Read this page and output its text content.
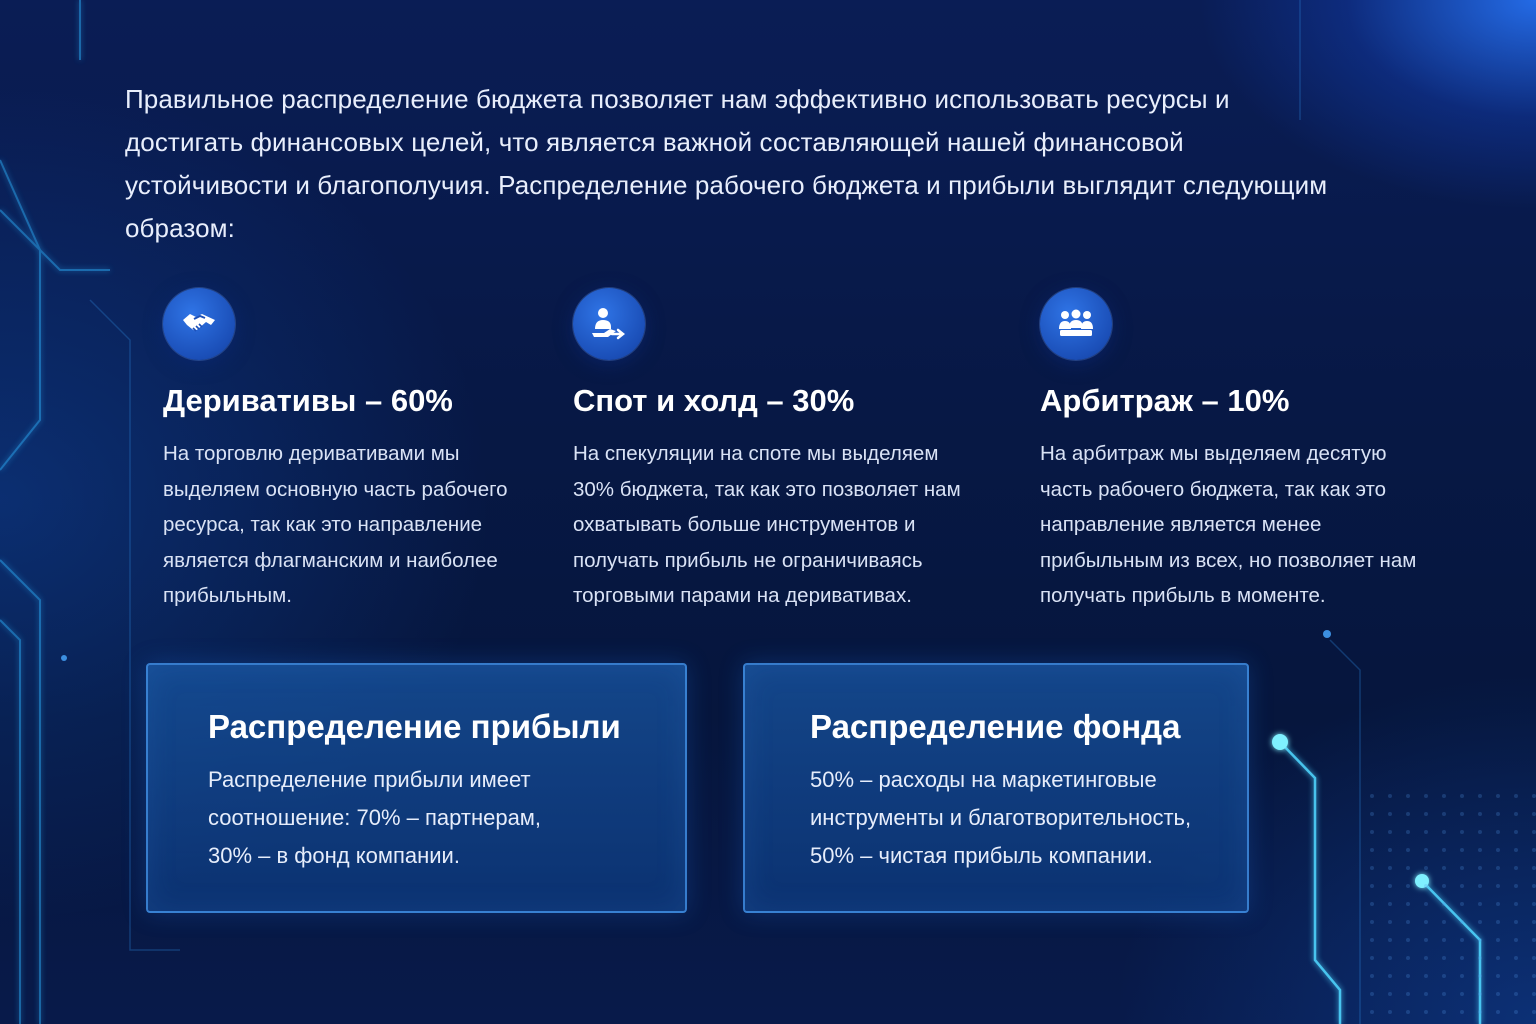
Правильное распределение бюджета позволяет нам эффективно использовать ресурсы и достигать финансовых целей, что является важной составляющей нашей финансовой устойчивости и благополучия. Распределение рабочего бюджета и прибыли выглядит следующим образом:

Деривативы – 60%

На торговлю деривативами мы выделяем основную часть рабочего ресурса, так как это направление является флагманским и наиболее прибыльным.

Спот и холд – 30%

На спекуляции на споте мы выделяем 30% бюджета, так как это позволяет нам охватывать больше инструментов и получать прибыль не ограничиваясь торговыми парами на деривативах.

Арбитраж – 10%

На арбитраж мы выделяем десятую часть рабочего бюджета, так как это направление является менее прибыльным из всех, но позволяет нам получать прибыль в моменте.

Распределение прибыли

Распределение прибыли имеет соотношение: 70% – партнерам, 30% – в фонд компании.

Распределение фонда

50% – расходы на маркетинговые инструменты и благотворительность, 50% – чистая прибыль компании.
